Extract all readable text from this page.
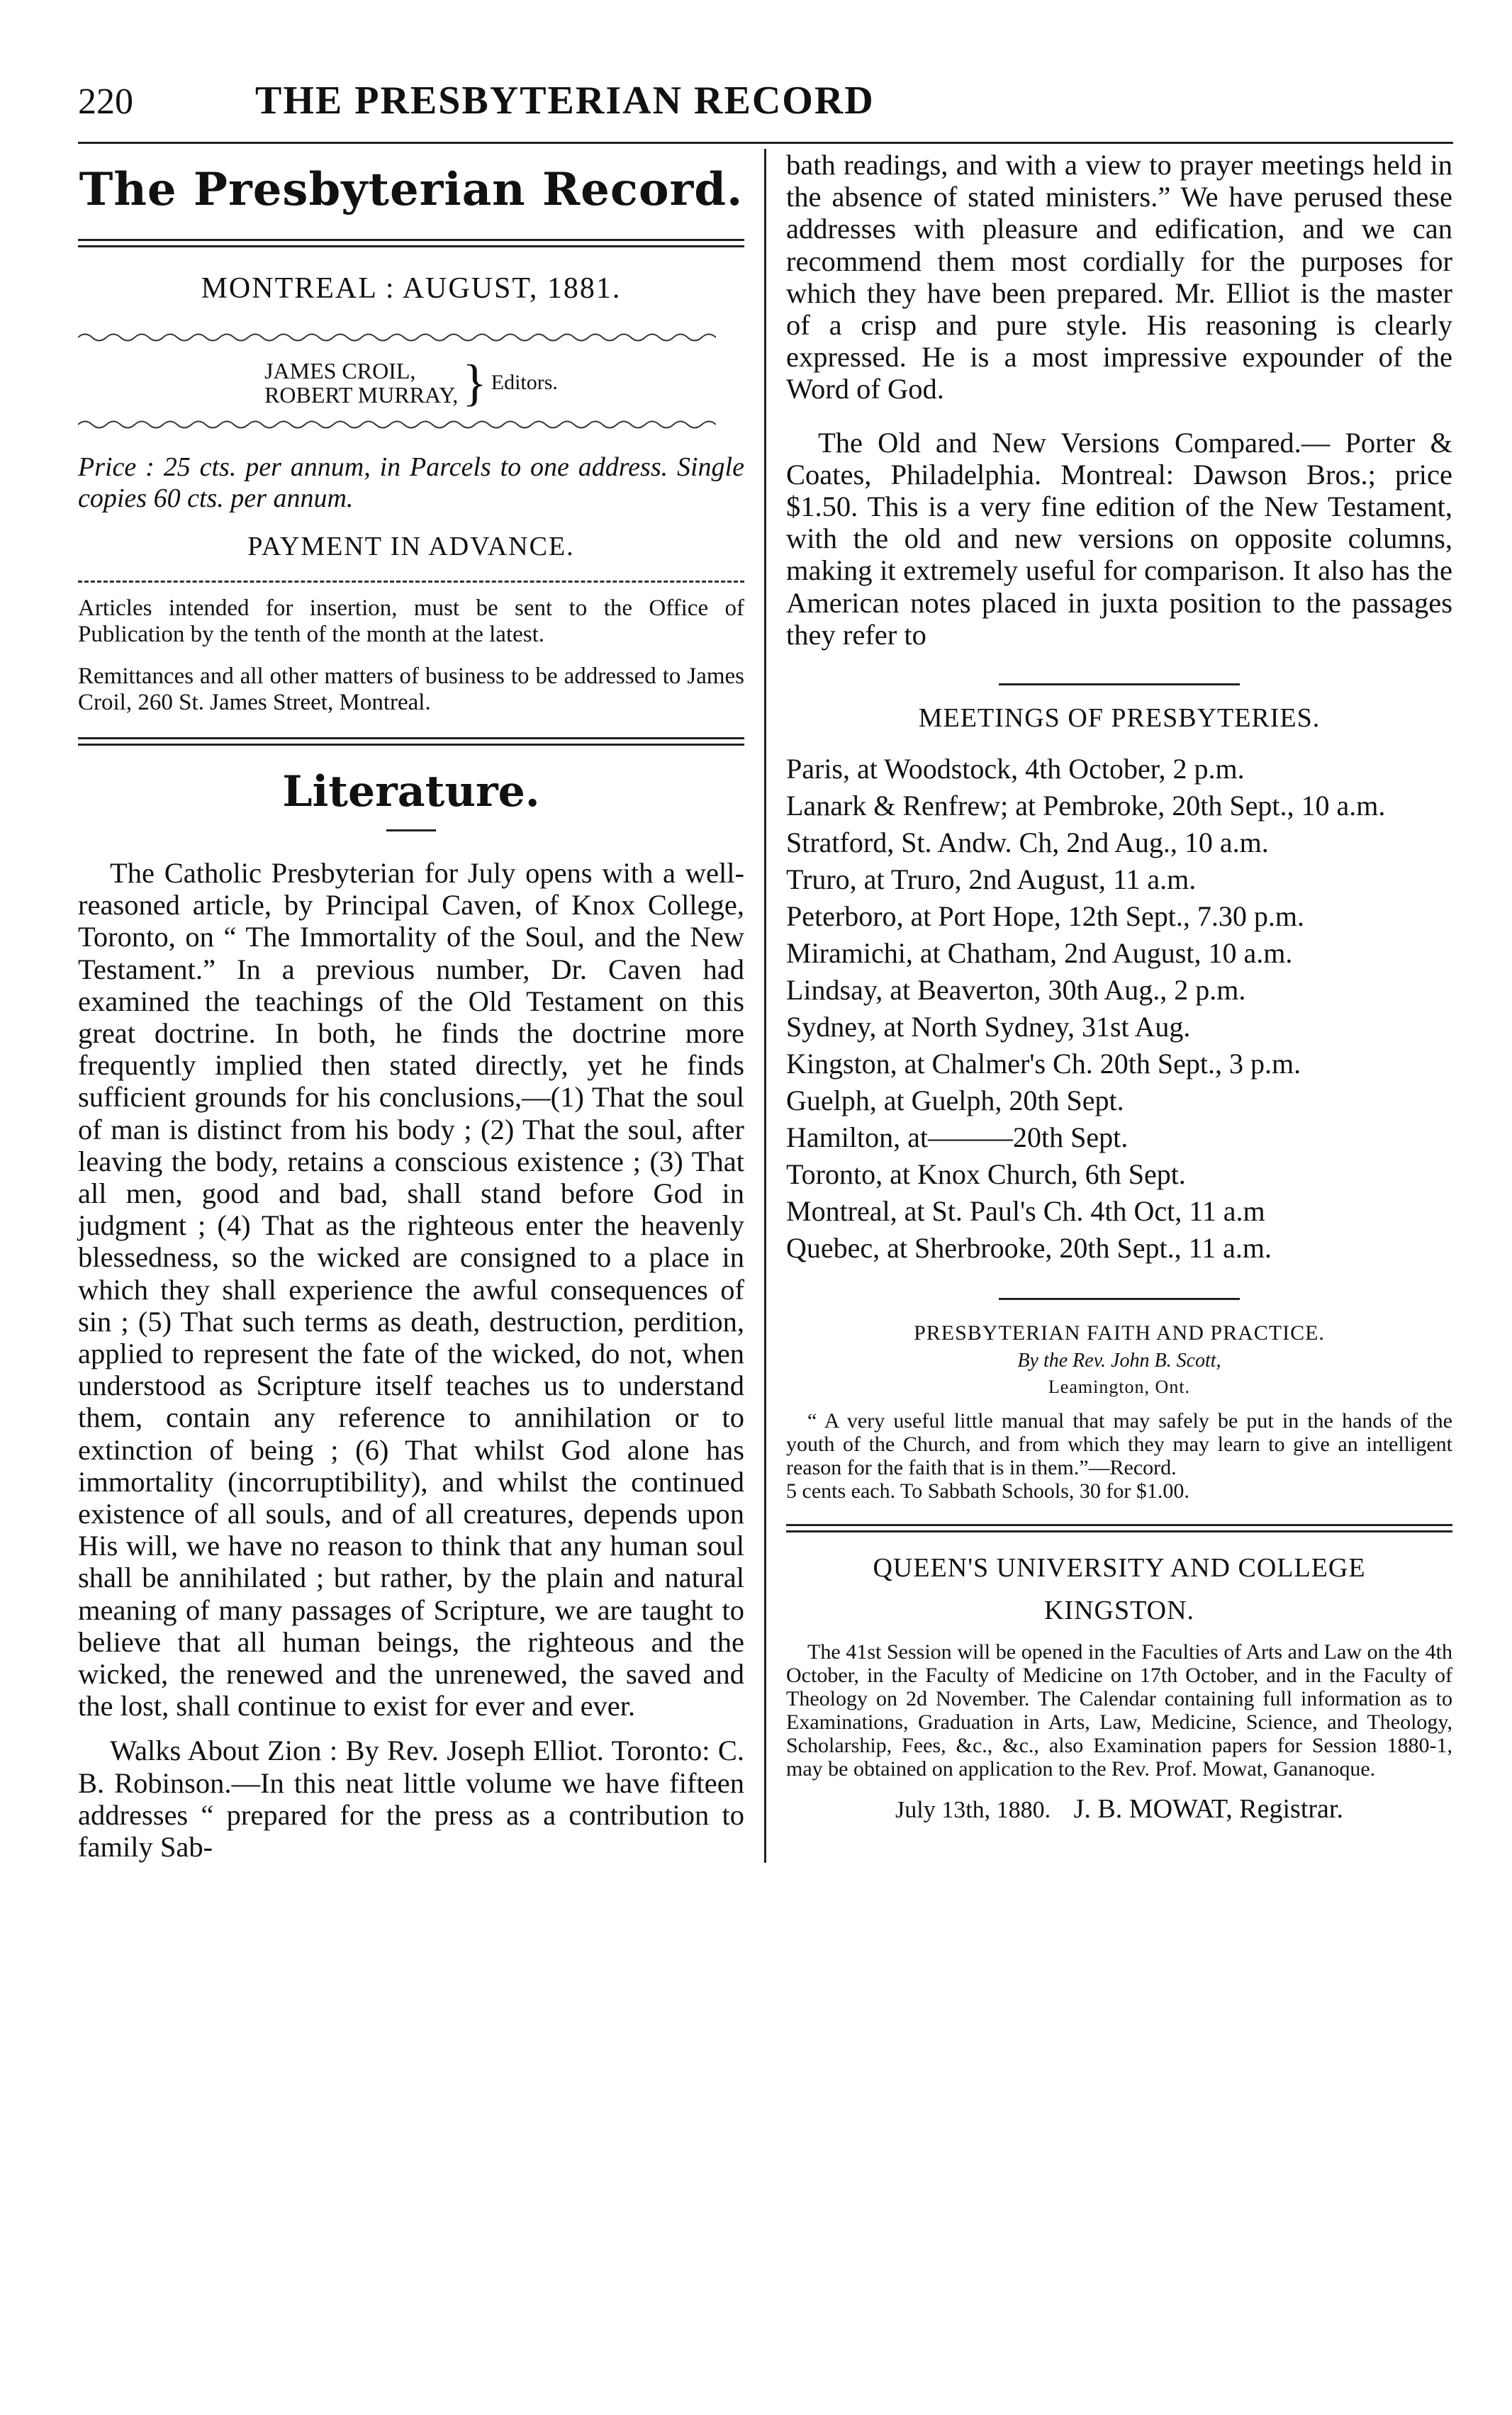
220	THE PRESBYTERIAN RECORD
The Presbyterian Record.
MONTREAL : AUGUST, 1881.
JAMES CROIL,
ROBERT MURRAY, } Editors.

Price : 25 cts. per annum, in Parcels to one address. Single copies 60 cts. per annum.

PAYMENT IN ADVANCE.

Articles intended for insertion, must be sent to the Office of Publication by the tenth of the month at the latest.

Remittances and all other matters of business to be addressed to James Croil, 260 St. James Street, Montreal.

Literature.

The Catholic Presbyterian for July opens with a well-reasoned article, by Principal Caven, of Knox College, Toronto, on “ The Immortality of the Soul, and the New Testament.” In a previous number, Dr. Caven had examined the teachings of the Old Testament on this great doctrine. In both, he finds the doctrine more frequently implied then stated directly, yet he finds sufficient grounds for his conclusions,—(1) That the soul of man is distinct from his body ; (2) That the soul, after leaving the body, retains a conscious existence ; (3) That all men, good and bad, shall stand before God in judgment ; (4) That as the righteous enter the heavenly blessedness, so the wicked are consigned to a place in which they shall experience the awful consequences of sin ; (5) That such terms as death, destruction, perdition, applied to represent the fate of the wicked, do not, when understood as Scripture itself teaches us to understand them, contain any reference to annihilation or to extinction of being ; (6) That whilst God alone has immortality (incorruptibility), and whilst the continued existence of all souls, and of all creatures, depends upon His will, we have no reason to think that any human soul shall be annihilated ; but rather, by the plain and natural meaning of many passages of Scripture, we are taught to believe that all human beings, the righteous and the wicked, the renewed and the unrenewed, the saved and the lost, shall continue to exist for ever and ever.

Walks About Zion : By Rev. Joseph Elliot. Toronto: C. B. Robinson.—In this neat little volume we have fifteen addresses “ prepared for the press as a contribution to family Sab-

bath readings, and with a view to prayer meetings held in the absence of stated ministers.” We have perused these addresses with pleasure and edification, and we can recommend them most cordially for the purposes for which they have been prepared. Mr. Elliot is the master of a crisp and pure style. His reasoning is clearly expressed. He is a most impressive expounder of the Word of God.

The Old and New Versions Compared.— Porter & Coates, Philadelphia. Montreal: Dawson Bros.; price $1.50. This is a very fine edition of the New Testament, with the old and new versions on opposite columns, making it extremely useful for comparison. It also has the American notes placed in juxta position to the passages they refer to

MEETINGS OF PRESBYTERIES.
Paris, at Woodstock, 4th October, 2 p.m.
Lanark & Renfrew; at Pembroke, 20th Sept., 10 a.m.
Stratford, St. Andw. Ch, 2nd Aug., 10 a.m.
Truro, at Truro, 2nd August, 11 a.m.
Peterboro, at Port Hope, 12th Sept., 7.30 p.m.
Miramichi, at Chatham, 2nd August, 10 a.m.
Lindsay, at Beaverton, 30th Aug., 2 p.m.
Sydney, at North Sydney, 31st Aug.
Kingston, at Chalmer's Ch. 20th Sept., 3 p.m.
Guelph, at Guelph, 20th Sept.
Hamilton, at———20th Sept.
Toronto, at Knox Church, 6th Sept.
Montreal, at St. Paul's Ch. 4th Oct, 11 a.m
Quebec, at Sherbrooke, 20th Sept., 11 a.m.
PRESBYTERIAN FAITH AND PRACTICE.
By the Rev. John B. Scott,
Leamington, Ont.

“ A very useful little manual that may safely be put in the hands of the youth of the Church, and from which they may learn to give an intelligent reason for the faith that is in them.”—Record.

5 cents each. To Sabbath Schools, 30 for $1.00.

QUEEN'S UNIVERSITY AND COLLEGE
KINGSTON.

The 41st Session will be opened in the Faculties of Arts and Law on the 4th October, in the Faculty of Medicine on 17th October, and in the Faculty of Theology on 2d November. The Calendar containing full information as to Examinations, Graduation in Arts, Law, Medicine, Science, and Theology, Scholarship, Fees, &c., &c., also Examination papers for Session 1880-1, may be obtained on application to the Rev. Prof. Mowat, Gananoque.

July 13th, 1880. J. B. MOWAT, Registrar.
